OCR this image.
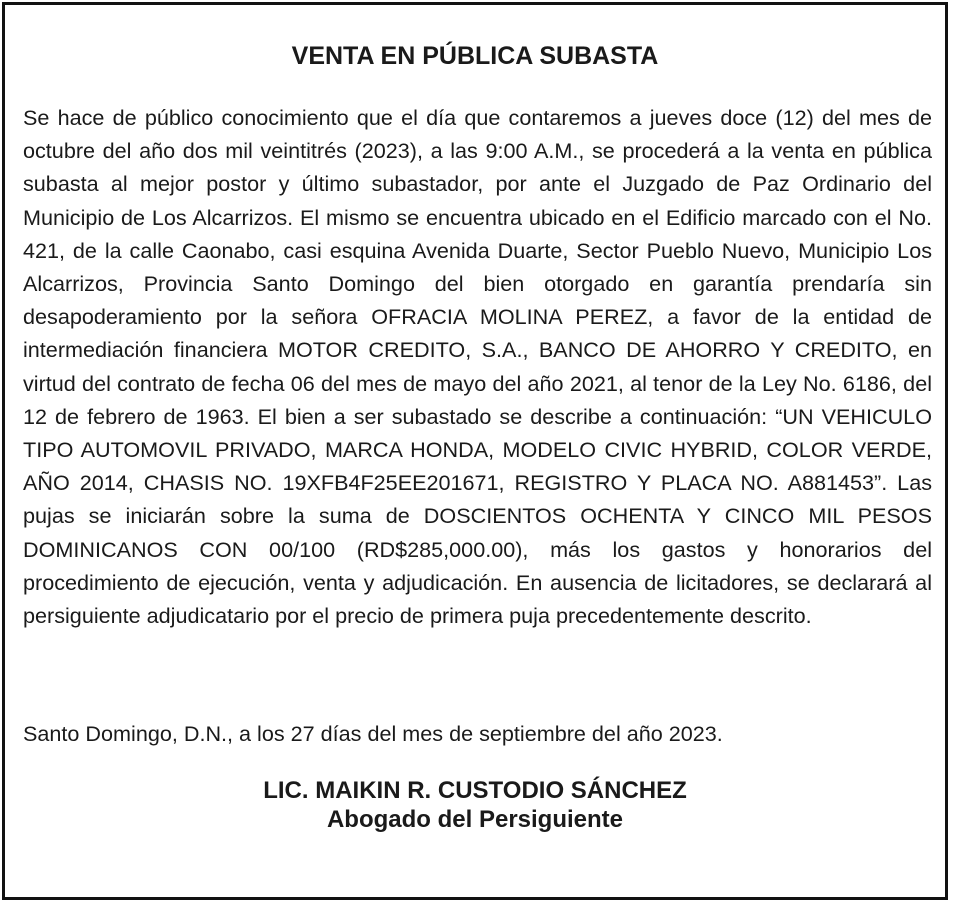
VENTA EN PÚBLICA SUBASTA

Se hace de público conocimiento que el día que contaremos a jueves doce (12) del mes de octubre del año dos mil veintitrés (2023), a las 9:00 A.M., se procederá a la venta en pública subasta al mejor postor y último subastador, por ante el Juzgado de Paz Ordinario del Municipio de Los Alcarrizos. El mismo se encuentra ubicado en el Edificio marcado con el No. 421, de la calle Caonabo, casi esquina Avenida Duarte, Sector Pueblo Nuevo, Municipio Los Alcarrizos, Provincia Santo Domingo del bien otorgado en garantía prendaría sin desapoderamiento por la señora OFRACIA MOLINA PEREZ, a favor de la entidad de intermediación financiera MOTOR CREDITO, S.A., BANCO DE AHORRO Y CREDITO, en virtud del contrato de fecha 06 del mes de mayo del año 2021, al tenor de la Ley No. 6186, del 12 de febrero de 1963. El bien a ser subastado se describe a continuación: “UN VEHICULO TIPO AUTOMOVIL PRIVADO, MARCA HONDA, MODELO CIVIC HYBRID, COLOR VERDE, AÑO 2014, CHASIS NO. 19XFB4F25EE201671, REGISTRO Y PLACA NO. A881453”. Las pujas se iniciarán sobre la suma de DOSCIENTOS OCHENTA Y CINCO MIL PESOS DOMINICANOS CON 00/100 (RD$285,000.00), más los gastos y honorarios del procedimiento de ejecución, venta y adjudicación. En ausencia de licitadores, se declarará al persiguiente adjudicatario por el precio de primera puja precedentemente descrito.

Santo Domingo, D.N., a los 27 días del mes de septiembre del año 2023.

LIC. MAIKIN R. CUSTODIO SÁNCHEZ
Abogado del Persiguiente
